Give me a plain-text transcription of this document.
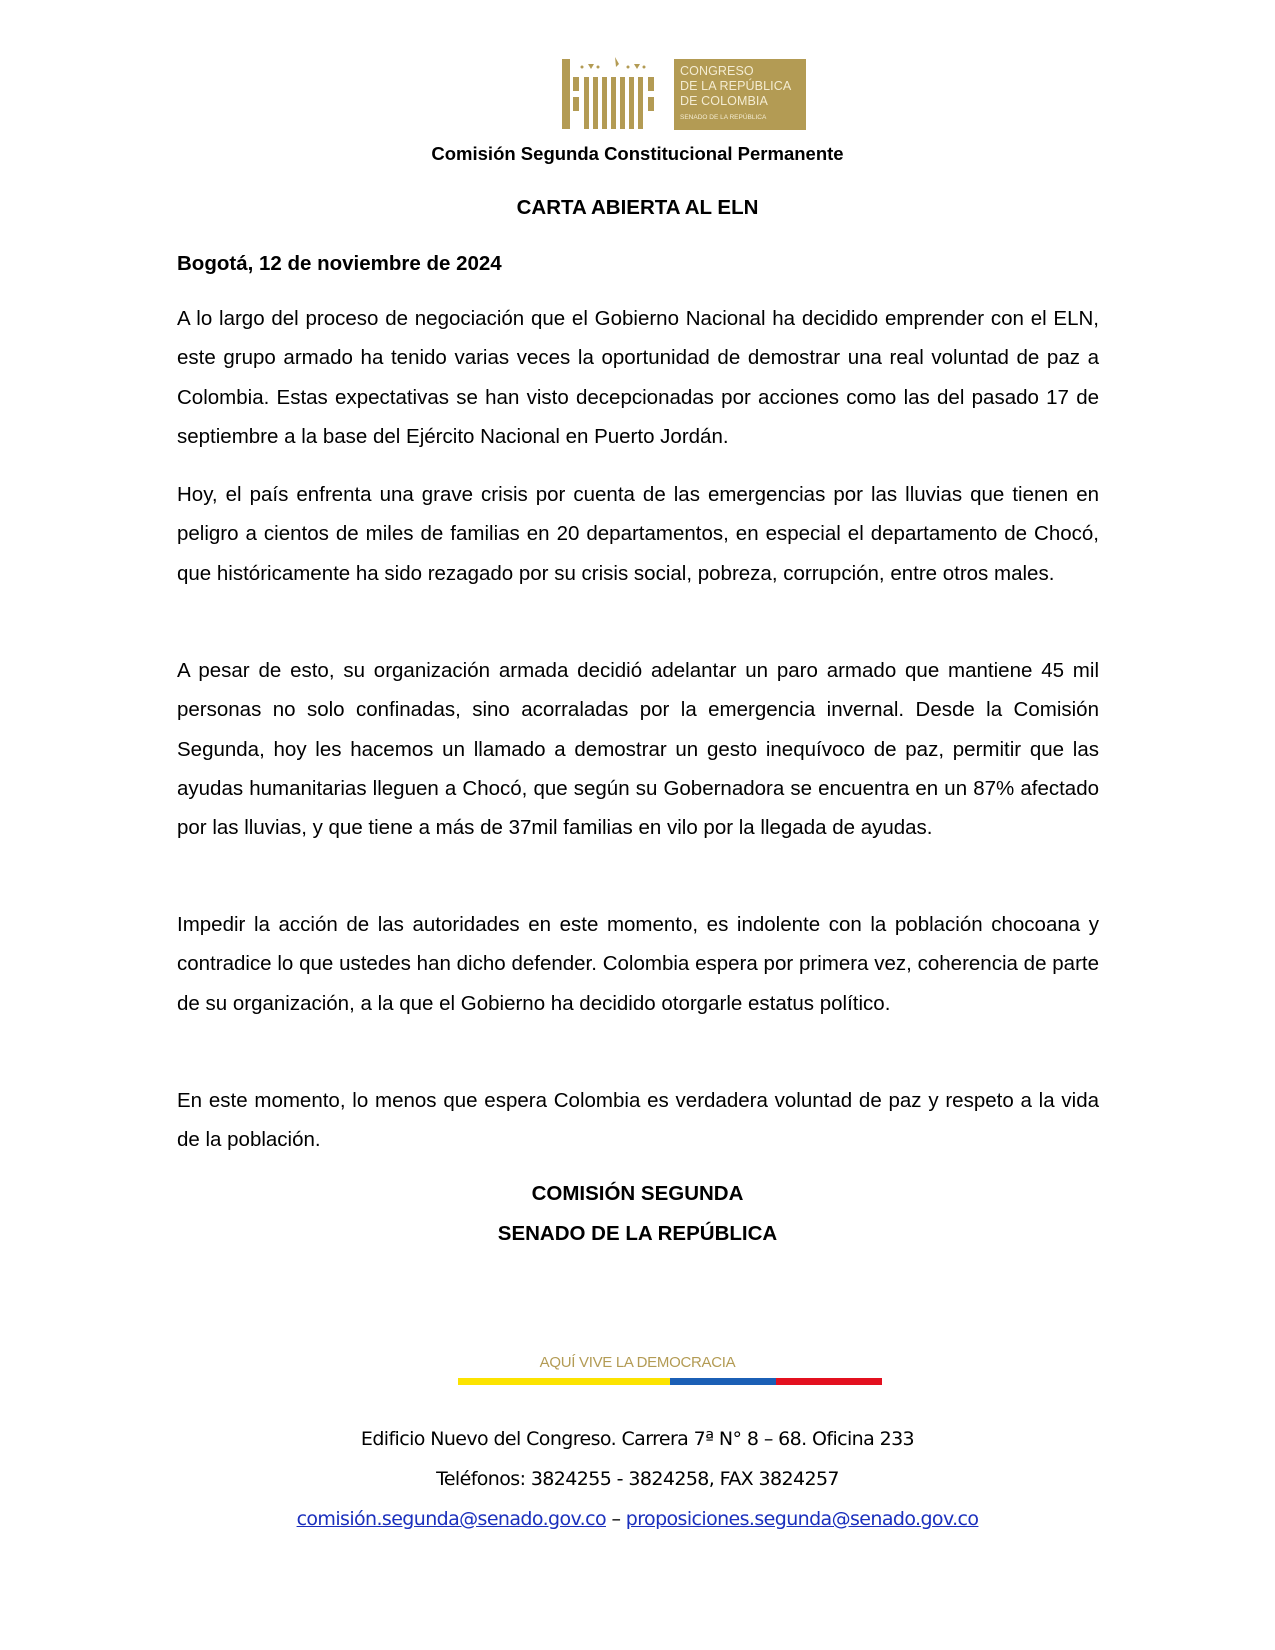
CONGRESO
DE LA REPÚBLICA
DE COLOMBIA
SENADO DE LA REPÚBLICA
Comisión Segunda Constitucional Permanente
CARTA ABIERTA AL ELN
Bogotá, 12 de noviembre de 2024

A lo largo del proceso de negociación que el Gobierno Nacional ha decidido emprender con el ELN, este grupo armado ha tenido varias veces la oportunidad de demostrar una real voluntad de paz a Colombia. Estas expectativas se han visto decepcionadas por acciones como las del pasado 17 de septiembre a la base del Ejército Nacional en Puerto Jordán.

Hoy, el país enfrenta una grave crisis por cuenta de las emergencias por las lluvias que tienen en peligro a cientos de miles de familias en 20 departamentos, en especial el departamento de Chocó, que históricamente ha sido rezagado por su crisis social, pobreza, corrupción, entre otros males.

A pesar de esto, su organización armada decidió adelantar un paro armado que mantiene 45 mil personas no solo confinadas, sino acorraladas por la emergencia invernal. Desde la Comisión Segunda, hoy les hacemos un llamado a demostrar un gesto inequívoco de paz, permitir que las ayudas humanitarias lleguen a Chocó, que según su Gobernadora se encuentra en un 87% afectado por las lluvias, y que tiene a más de 37mil familias en vilo por la llegada de ayudas.

Impedir la acción de las autoridades en este momento, es indolente con la población chocoana y contradice lo que ustedes han dicho defender. Colombia espera por primera vez, coherencia de parte de su organización, a la que el Gobierno ha decidido otorgarle estatus político.

En este momento, lo menos que espera Colombia es verdadera voluntad de paz y respeto a la vida de la población.

COMISIÓN SEGUNDA
SENADO DE LA REPÚBLICA
AQUÍ VIVE LA DEMOCRACIA
Edificio Nuevo del Congreso. Carrera 7ª N° 8 – 68. Oficina 233
Teléfonos: 3824255 - 3824258, FAX 3824257
comisión.segunda@senado.gov.co – proposiciones.segunda@senado.gov.co
